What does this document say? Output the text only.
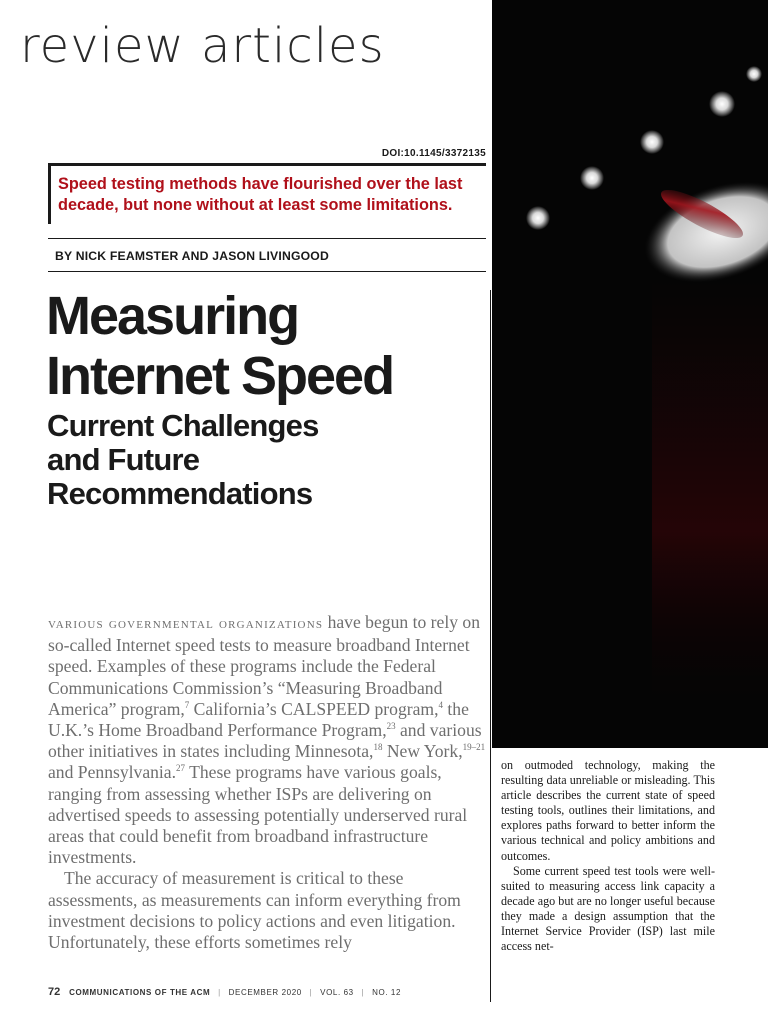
review articles
DOI:10.1145/3372135
Speed testing methods have flourished over the last decade, but none without at least some limitations.
BY NICK FEAMSTER AND JASON LIVINGOOD
Measuring
Internet Speed
Current Challenges
and Future
Recommendations

various governmental organizations have begun to rely on so-called Internet speed tests to measure broadband Internet speed. Examples of these programs include the Federal Communications Commission’s “Measuring Broadband America” program,$^7$ California’s CALSPEED program,$^4$ the U.K.’s Home Broadband Performance Program,$^{23}$ and various other initiatives in states including Minnesota,$^{18}$ New York,$^{19-21}$ and Pennsylvania.$^{27}$ These programs have various goals, ranging from assessing whether ISPs are delivering on advertised speeds to assessing potentially underserved rural areas that could benefit from broadband infrastructure investments.

The accuracy of measurement is critical to these assessments, as measurements can inform everything from investment decisions to policy actions and even litigation. Unfortunately, these efforts sometimes rely

on outmoded technology, making the resulting data unreliable or misleading. This article describes the current state of speed testing tools, outlines their limitations, and explores paths forward to better inform the various technical and policy ambitions and outcomes.

Some current speed test tools were well-suited to measuring access link capacity a decade ago but are no longer useful because they made a design assumption that the Internet Service Provider (ISP) last mile access net-

72 COMMUNICATIONS OF THE ACM | DECEMBER 2020 | VOL. 63 | NO. 12
